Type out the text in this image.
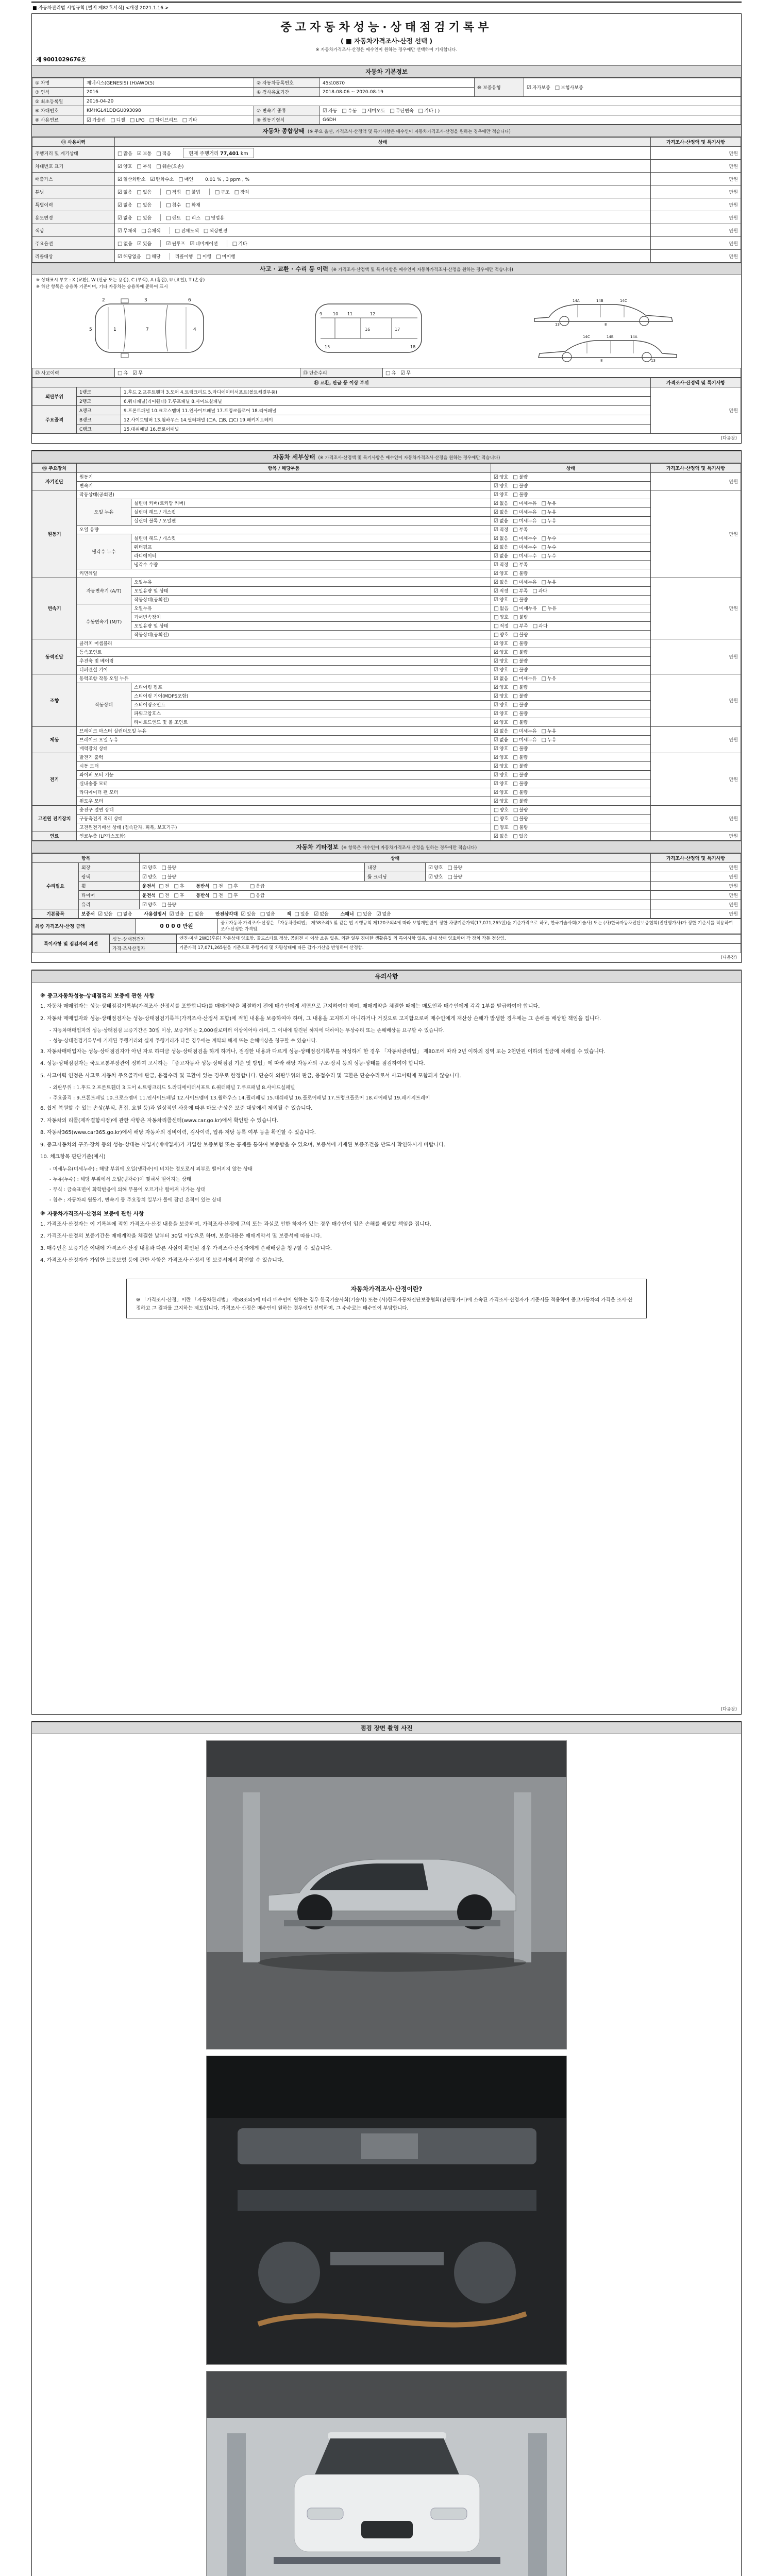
■ 자동차관리법 시행규칙 [별지 제82호서식] <개정 2021.1.16.>
중고자동차성능·상태점검기록부
( ■ 자동차가격조사·산정 선택 )
※ 자동차가격조사·산정은 매수인이 원하는 경우에만 선택하여 기재합니다.
제 9001029676호
자동차 기본정보
① 차명	제네시스(GENESIS) (H)AWD(5)	② 자동차등록번호	45로0870	⑩ 보증유형	☑ 자가보증 □ 보험사보증
③ 연식	2016	④ 검사유효기간	2018-08-06 ~ 2020-08-19		
⑤ 최초등록일	2016-04-20				
⑥ 차대번호	KMHGL41DDGU093098	⑦ 변속기 종류	☑ 자동 □ 수동 □ 세미오토 □ 무단변속 □ 기타 ( )		
⑧ 사용연료	☑ 가솔린 □ 디젤 □ LPG □ 하이브리드 □ 기타	⑨ 원동기형식	G6DH		
자동차 종합상태 (※ 주요 옵션, 가격조사·산정액 및 특기사항은 매수인이 자동차가격조사·산정을 원하는 경우에만 적습니다)
⑪ 사용이력	상태	가격조사·산정액 및 특기사항
주행거리 및 계기상태	□ 많음 ☑ 보통 □ 적음 현재 주행거리 77,401 km	만원
차대번호 표기	☑ 양호 □ 부식 □ 훼손(오손)	만원
배출가스	☑ 일산화탄소 ☑ 탄화수소 □ 매연 0.01 % , 3 ppm , %	만원
튜닝	☑ 없음 □ 있음 □ 적법 □ 불법 □ 구조 □ 장치	만원
특별이력	☑ 없음 □ 있음 □ 침수 □ 화재	만원
용도변경	☑ 없음 □ 있음 □ 렌트 □ 리스 □ 영업용	만원
색상	☑ 무채색 □ 유채색 □ 전체도색 □ 색상변경	만원
주요옵션	□ 없음 ☑ 있음 ☑ 썬루프 ☑ 네비게이션 □ 기타	만원
리콜대상	☑ 해당없음 □ 해당 리콜이행 □ 이행 □ 미이행	만원
사고 · 교환 · 수리 등 이력 (※ 가격조사·산정액 및 특기사항은 매수인이 자동차가격조사·산정을 원하는 경우에만 적습니다)
※ 상태표시 부호 : X (교환), W (판금 또는 용접), C (부식), A (흠집), U (요철), T (손상)
※ 하단 항목은 승용차 기준이며, 기타 자동차는 승용차에 준하여 표시
1
2	3	6
7	4
5
9	10 11	12
16
15
17
18
14A	14B	14C
8
13
14A
14B
14C
8	13
⑫ 사고이력	□ 유 ☑ 무	⑬ 단순수리	□ 유 ☑ 무
⑭ 교환, 판금 등 이상 부위			가격조사·산정액 및 특기사항
외판부위	1랭크	1.후드 2.프론트휀더 3.도어 4.트렁크리드 5.라디에이터서포트(볼트체결부품)	만원
	2랭크	6.쿼터패널(리어휀더) 7.루프패널 8.사이드실패널	
주요골격	A랭크	9.프론트패널 10.크로스멤버 11.인사이드패널 17.트렁크플로어 18.리어패널	
	B랭크	12.사이드멤버 13.휠하우스 14.필러패널 (□A, □B, □C) 19.패키지트레이	
	C랭크	15.대쉬패널 16.플로어패널	
(다음장)
자동차 세부상태 (※ 가격조사·산정액 및 특기사항은 매수인이 자동차가격조사·산정을 원하는 경우에만 적습니다)
⑮ 주요장치	항목 / 해당부품		상태	가격조사·산정액 및 특기사항
자기진단	원동기		☑ 양호 □ 불량	만원
	변속기		☑ 양호 □ 불량	
원동기	작동상태(공회전)		☑ 양호 □ 불량	만원
	오일 누유	실린더 커버(로커암 커버)	☑ 없음 □ 미세누유 □ 누유	
		실린더 헤드 / 개스킷	☑ 없음 □ 미세누유 □ 누유	
		실린더 블록 / 오일팬	☑ 없음 □ 미세누유 □ 누유	
	오일 유량		☑ 적정 □ 부족	
	냉각수 누수	실린더 헤드 / 개스킷	☑ 없음 □ 미세누수 □ 누수	
		워터펌프	☑ 없음 □ 미세누수 □ 누수	
		라디에이터	☑ 없음 □ 미세누수 □ 누수	
		냉각수 수량	☑ 적정 □ 부족	
	커먼레일		☑ 양호 □ 불량	
변속기	자동변속기 (A/T)	오일누유	☑ 없음 □ 미세누유 □ 누유	만원
		오일유량 및 상태	☑ 적정 □ 부족 □ 과다	
		작동상태(공회전)	☑ 양호 □ 불량	
	수동변속기 (M/T)	오일누유	□ 없음 □ 미세누유 □ 누유	
		기어변속장치	□ 양호 □ 불량	
		오일유량 및 상태	□ 적정 □ 부족 □ 과다	
		작동상태(공회전)	□ 양호 □ 불량	
동력전달	클러치 어셈블리		☑ 양호 □ 불량	만원
	등속조인트		☑ 양호 □ 불량	
	추진축 및 베어링		☑ 양호 □ 불량	
	디퍼렌셜 기어		☑ 양호 □ 불량	
조향	동력조향 작동 오일 누유		☑ 없음 □ 미세누유 □ 누유	만원
	작동상태	스티어링 펌프	☑ 양호 □ 불량	
		스티어링 기어(MDPS포함)	☑ 양호 □ 불량	
		스티어링조인트	☑ 양호 □ 불량	
		파워고압호스	☑ 양호 □ 불량	
		타이로드엔드 및 볼 조인트	☑ 양호 □ 불량	
제동	브레이크 마스터 실린더오일 누유		☑ 없음 □ 미세누유 □ 누유	만원
	브레이크 오일 누유		☑ 없음 □ 미세누유 □ 누유	
	배력장치 상태		☑ 양호 □ 불량	
전기	발전기 출력		☑ 양호 □ 불량	만원
	시동 모터		☑ 양호 □ 불량	
	와이퍼 모터 기능		☑ 양호 □ 불량	
	실내송풍 모터		☑ 양호 □ 불량	
	라디에이터 팬 모터		☑ 양호 □ 불량	
	윈도우 모터		☑ 양호 □ 불량	
고전원 전기장치	충전구 절연 상태		□ 양호 □ 불량	만원
	구동축전지 격리 상태		□ 양호 □ 불량	
	고전원전기배선 상태 (접속단자, 피복, 보호기구)		□ 양호 □ 불량	
연료	연료누출 (LP가스포함)		☑ 없음 □ 있음	만원
자동차 기타정보 (※ 항목은 매수인이 자동차가격조사·산정을 원하는 경우에만 적습니다)
항목		상태			가격조사·산정액 및 특기사항
수리필요	외장	☑ 양호 □ 불량	내장	☑ 양호 □ 불량	만원
	광택	☑ 양호 □ 불량	룸 크리닝	☑ 양호 □ 불량	만원
	휠	운전석 □ 전 □ 후 동반석 □ 전 □ 후 □ 응급			만원
	타이어	운전석 □ 전 □ 후 동반석 □ 전 □ 후 □ 응급			만원
	유리	☑ 양호 □ 불량			만원
기본품목	보증서 ☑ 있음 □ 없음 사용설명서 ☑ 있음 □ 없음 안전삼각대 ☑ 있음 □ 없음 잭 □ 있음 ☑ 없음 스패너 □ 있음 ☑ 없음				만원
최종 가격조사·산정 금액	0 0 0 0 만원	중고자동차 가격조사·산정은 「자동차관리법」 제58조의5 및 같은 법 시행규칙 제120조의4에 따라 보험개발원이 정한 차량기준가액(17,071,265원)을 기준가격으로 하고, 한국기술사회(기술사) 또는 (사)한국자동차진단보증협회(진단평가사)가 정한 기준서를 적용하여 조사·산정한 가격임.
특이사항 및 점검자의 의견	성능·상태점검자	엔진·미션 2WD(후륜) 작동상태 양호함. 콜드스타트 정상, 공회전 시 이상 소음 없음. 외판 일부 경미한 생활흠집 외 특이사항 없음. 실내 상태 양호하며 각 장치 작동 정상임.
	가격·조사산정자	기준가격 17,071,265원을 기준으로 주행거리 및 차량상태에 따른 감가·가산을 반영하여 산정함.
(다음장)
유의사항
※ 중고자동차성능·상태점검의 보증에 관한 사항
1. 자동차 매매업자는 성능·상태점검기록부(가격조사·산정서를 포함합니다)를 매매계약을 체결하기 전에 매수인에게 서면으로 고지하여야 하며, 매매계약을 체결한 때에는 매도인과 매수인에게 각각 1부를 발급하여야 합니다.
2. 자동차 매매업자와 성능·상태점검자는 성능·상태점검기록부(가격조사·산정서 포함)에 적힌 내용을 보증하여야 하며, 그 내용을 고지하지 아니하거나 거짓으로 고지함으로써 매수인에게 재산상 손해가 발생한 경우에는 그 손해를 배상할 책임을 집니다.
- 자동차매매업자의 성능·상태점검 보증기간은 30일 이상, 보증거리는 2,000킬로미터 이상이어야 하며, 그 이내에 발견된 하자에 대하여는 무상수리 또는 손해배상을 요구할 수 있습니다.
- 성능·상태점검기록부에 기재된 주행거리와 실제 주행거리가 다른 경우에는 계약의 해제 또는 손해배상을 청구할 수 있습니다.
3. 자동차매매업자는 성능·상태점검자가 아닌 자로 하여금 성능·상태점검을 하게 하거나, 점검한 내용과 다르게 성능·상태점검기록부를 작성하게 한 경우 「자동차관리법」 제80조에 따라 2년 이하의 징역 또는 2천만원 이하의 벌금에 처해질 수 있습니다.
4. 성능·상태점검자는 국토교통부장관이 정하여 고시하는 「중고자동차 성능·상태점검 기준 및 방법」에 따라 해당 자동차의 구조·장치 등의 성능·상태를 점검하여야 합니다.
5. 사고이력 인정은 사고로 자동차 주요골격에 판금, 용접수리 및 교환이 있는 경우로 한정합니다. 단순히 외판부위의 판금, 용접수리 및 교환은 단순수리로서 사고이력에 포함되지 않습니다.
- 외판부위 : 1.후드 2.프론트휀더 3.도어 4.트렁크리드 5.라디에이터서포트 6.쿼터패널 7.루프패널 8.사이드실패널
- 주요골격 : 9.프론트패널 10.크로스멤버 11.인사이드패널 12.사이드멤버 13.휠하우스 14.필러패널 15.대쉬패널 16.플로어패널 17.트렁크플로어 18.리어패널 19.패키지트레이
6. 쉽게 복원할 수 있는 손상(부식, 흠집, 요철 등)과 일상적인 사용에 따른 마모·손상은 보증 대상에서 제외될 수 있습니다.
7. 자동차의 리콜(제작결함시정)에 관한 사항은 자동차리콜센터(www.car.go.kr)에서 확인할 수 있습니다.
8. 자동차365(www.car365.go.kr)에서 해당 자동차의 정비이력, 검사이력, 압류·저당 등록 여부 등을 확인할 수 있습니다.
9. 중고자동차의 구조·장치 등의 성능·상태는 사업자(매매업자)가 가입한 보증보험 또는 공제를 통하여 보증받을 수 있으며, 보증서에 기재된 보증조건을 반드시 확인하시기 바랍니다.
10. 체크항목 판단기준(예시)
- 미세누유(미세누수) : 해당 부위에 오일(냉각수)이 비치는 정도로서 외부로 떨어지지 않는 상태
- 누유(누수) : 해당 부위에서 오일(냉각수)이 맺혀서 떨어지는 상태
- 부식 : 금속표면이 화학반응에 의해 부풀어 오르거나 떨어져 나가는 상태
- 침수 : 자동차의 원동기, 변속기 등 주요장치 일부가 물에 잠긴 흔적이 있는 상태
※ 자동차가격조사·산정의 보증에 관한 사항
1. 가격조사·산정자는 이 기록부에 적힌 가격조사·산정 내용을 보증하며, 가격조사·산정에 고의 또는 과실로 인한 하자가 있는 경우 매수인이 입은 손해를 배상할 책임을 집니다.
2. 가격조사·산정의 보증기간은 매매계약을 체결한 날부터 30일 이상으로 하며, 보증내용은 매매계약서 및 보증서에 따릅니다.
3. 매수인은 보증기간 이내에 가격조사·산정 내용과 다른 사실이 확인된 경우 가격조사·산정자에게 손해배상을 청구할 수 있습니다.
4. 가격조사·산정자가 가입한 보증보험 등에 관한 사항은 가격조사·산정서 및 보증서에서 확인할 수 있습니다.
자동차가격조사·산정이란?
※ 「가격조사·산정」이란 「자동차관리법」 제58조의5에 따라 매수인이 원하는 경우 한국기술사회(기술사) 또는 (사)한국자동차진단보증협회(진단평가사)에 소속된 가격조사·산정자가 기준서를 적용하여 중고자동차의 가격을 조사·산정하고 그 결과를 고지하는 제도입니다. 가격조사·산정은 매수인이 원하는 경우에만 선택하며, 그 수수료는 매수인이 부담합니다.
(다음장)
점검 장면 촬영 사진
